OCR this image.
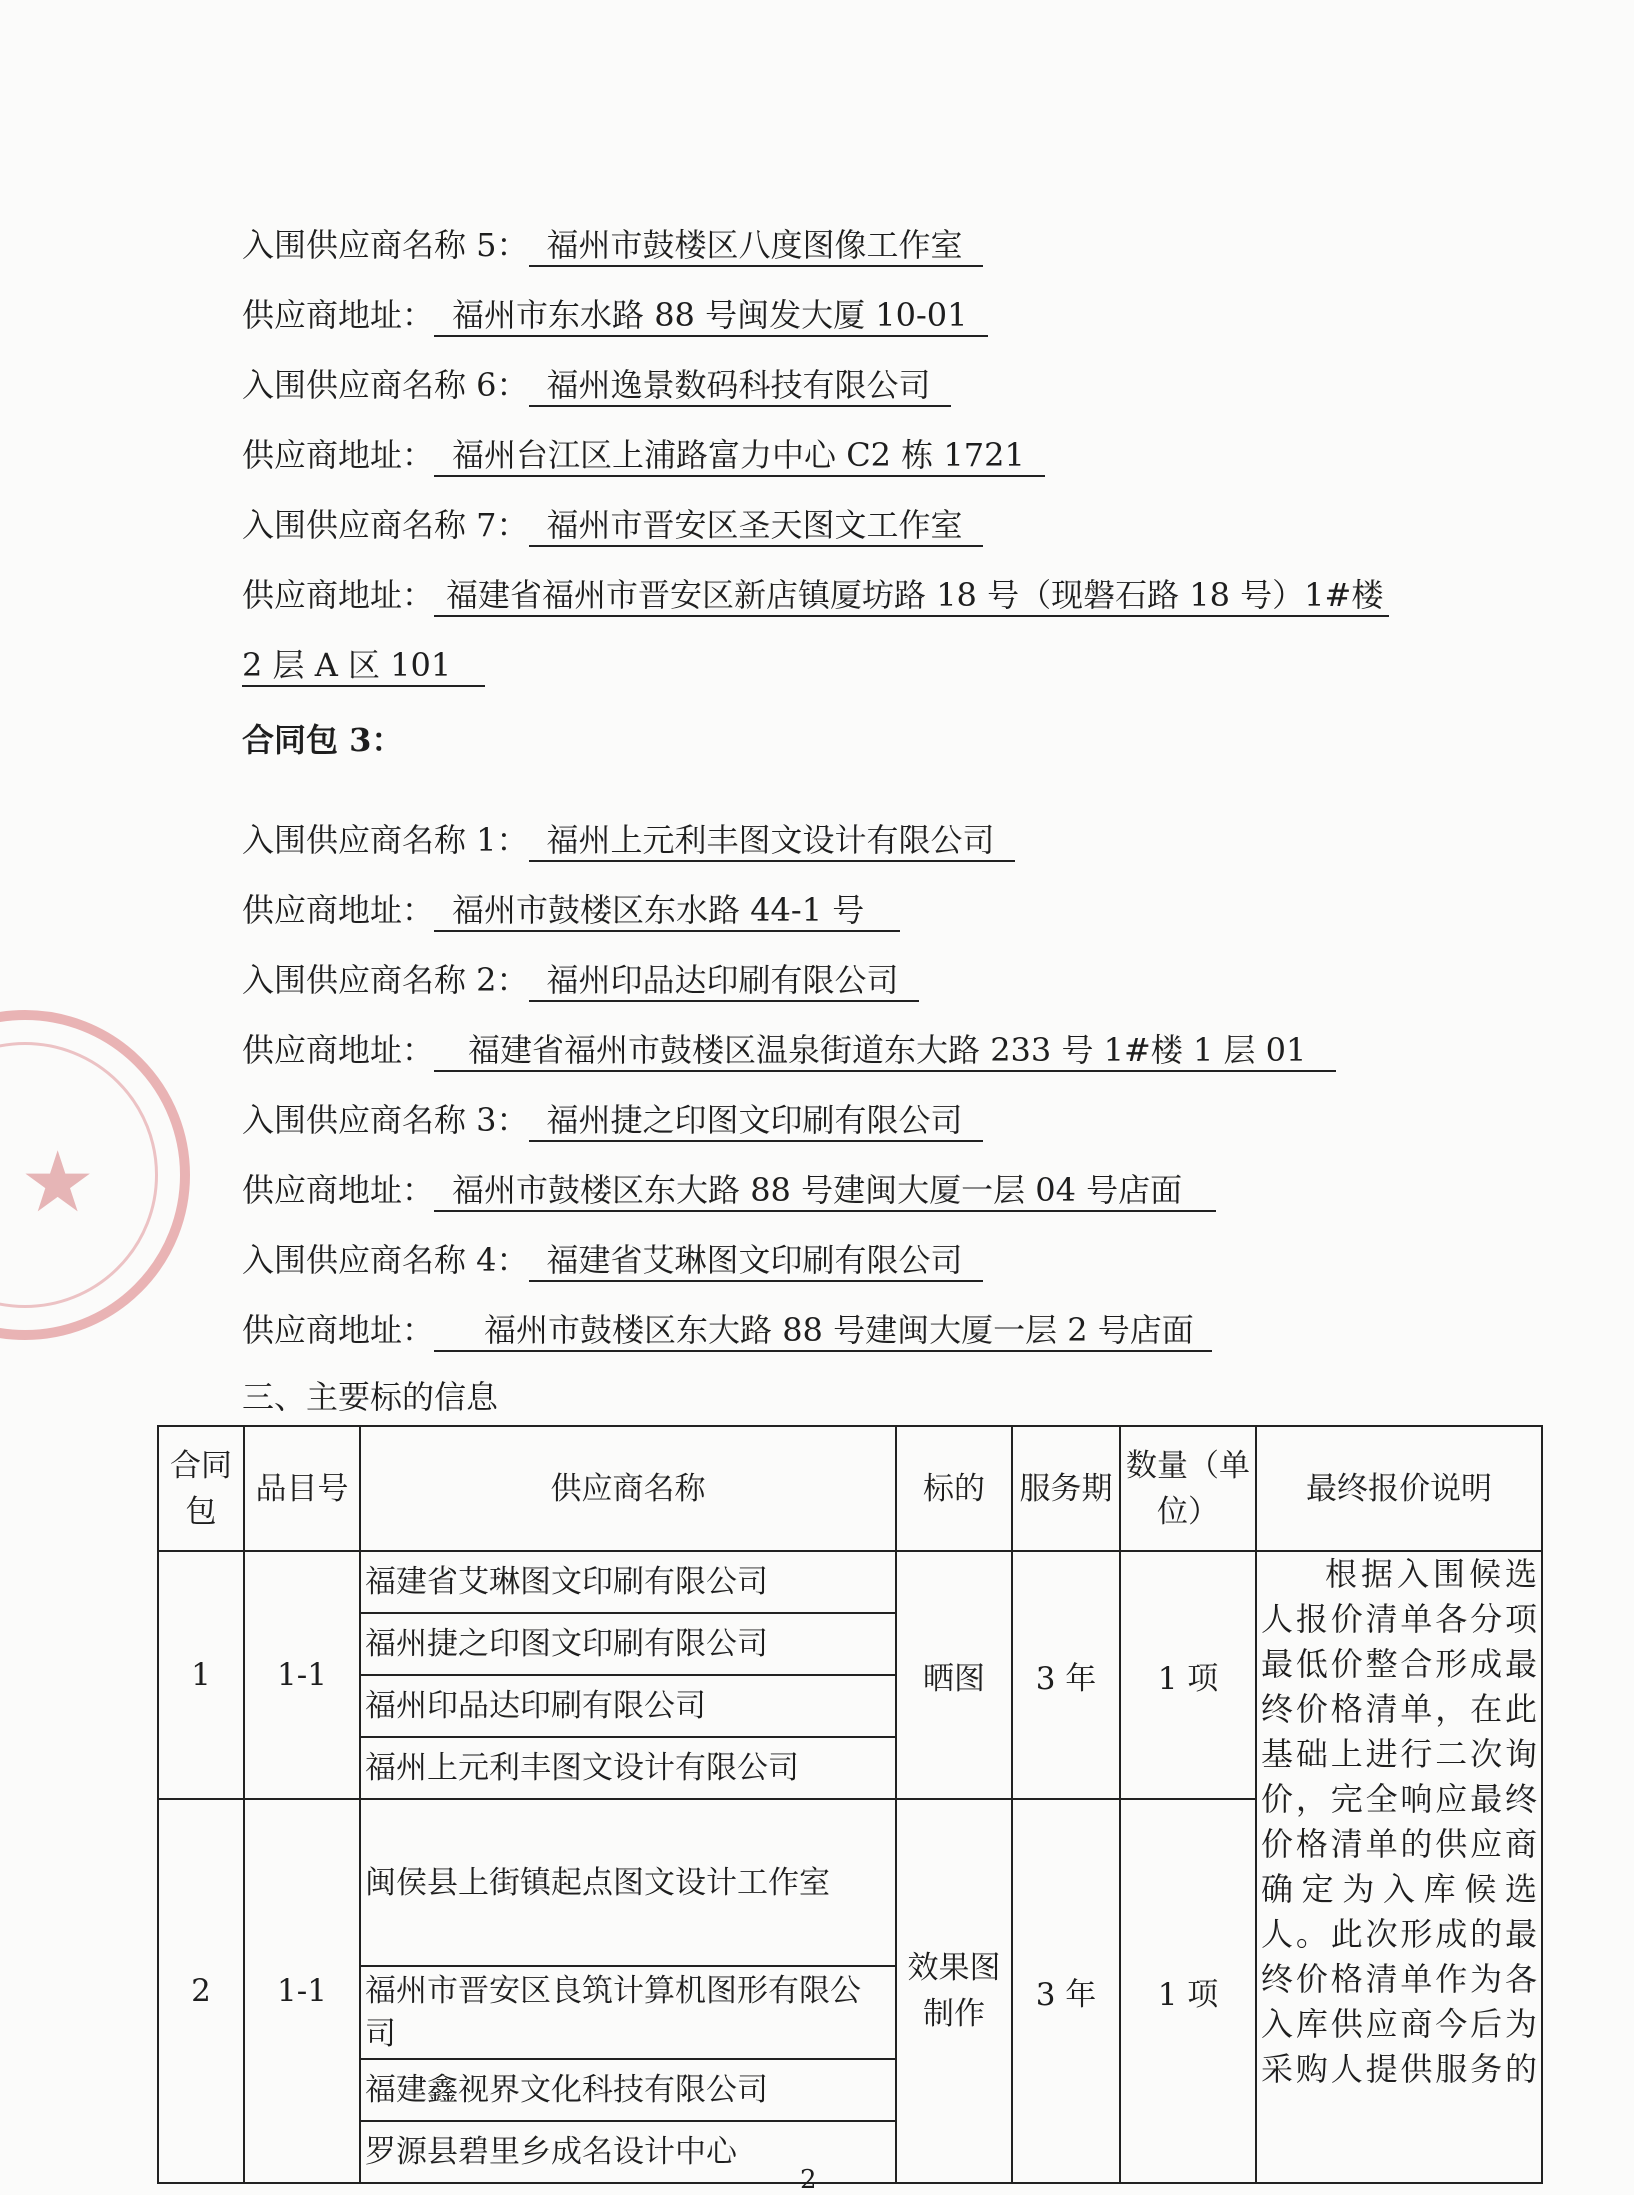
入围供应商名称 5： 福州市鼓楼区八度图像工作室
供应商地址： 福州市东水路 88 号闽发大厦 10-01
入围供应商名称 6： 福州逸景数码科技有限公司
供应商地址： 福州台江区上浦路富力中心 C2 栋 1721
入围供应商名称 7： 福州市晋安区圣天图文工作室
供应商地址： 福建省福州市晋安区新店镇厦坊路 18 号（现磐石路 18 号）1#楼
2 层 A 区 101
合同包 3：
入围供应商名称 1： 福州上元利丰图文设计有限公司
供应商地址： 福州市鼓楼区东水路 44-1 号
入围供应商名称 2： 福州印品达印刷有限公司
供应商地址： 福建省福州市鼓楼区温泉街道东大路 233 号 1#楼 1 层 01
入围供应商名称 3： 福州捷之印图文印刷有限公司
供应商地址： 福州市鼓楼区东大路 88 号建闽大厦一层 04 号店面
入围供应商名称 4： 福建省艾琳图文印刷有限公司
供应商地址： 福州市鼓楼区东大路 88 号建闽大厦一层 2 号店面
三、主要标的信息
合同包	品目号	供应商名称	标的	服务期	数量（单位）	最终报价说明
1	1-1	福建省艾琳图文印刷有限公司	晒图	3 年	1 项	根据入围候选人报价清单各分项最低价整合形成最终价格清单，在此基础上进行二次询价，完全响应最终价格清单的供应商确定为入库候选人。此次形成的最终价格清单作为各入库供应商今后为采购人提供服务的

		福州捷之印图文印刷有限公司				
		福州印品达印刷有限公司				
		福州上元利丰图文设计有限公司				
2	1-1	闽侯县上街镇起点图文设计工作室	效果图制作	3 年	1 项	
		福州市晋安区良筑计算机图形有限公司				
		福建鑫视界文化科技有限公司				
		罗源县碧里乡成名设计中心				
★
2
